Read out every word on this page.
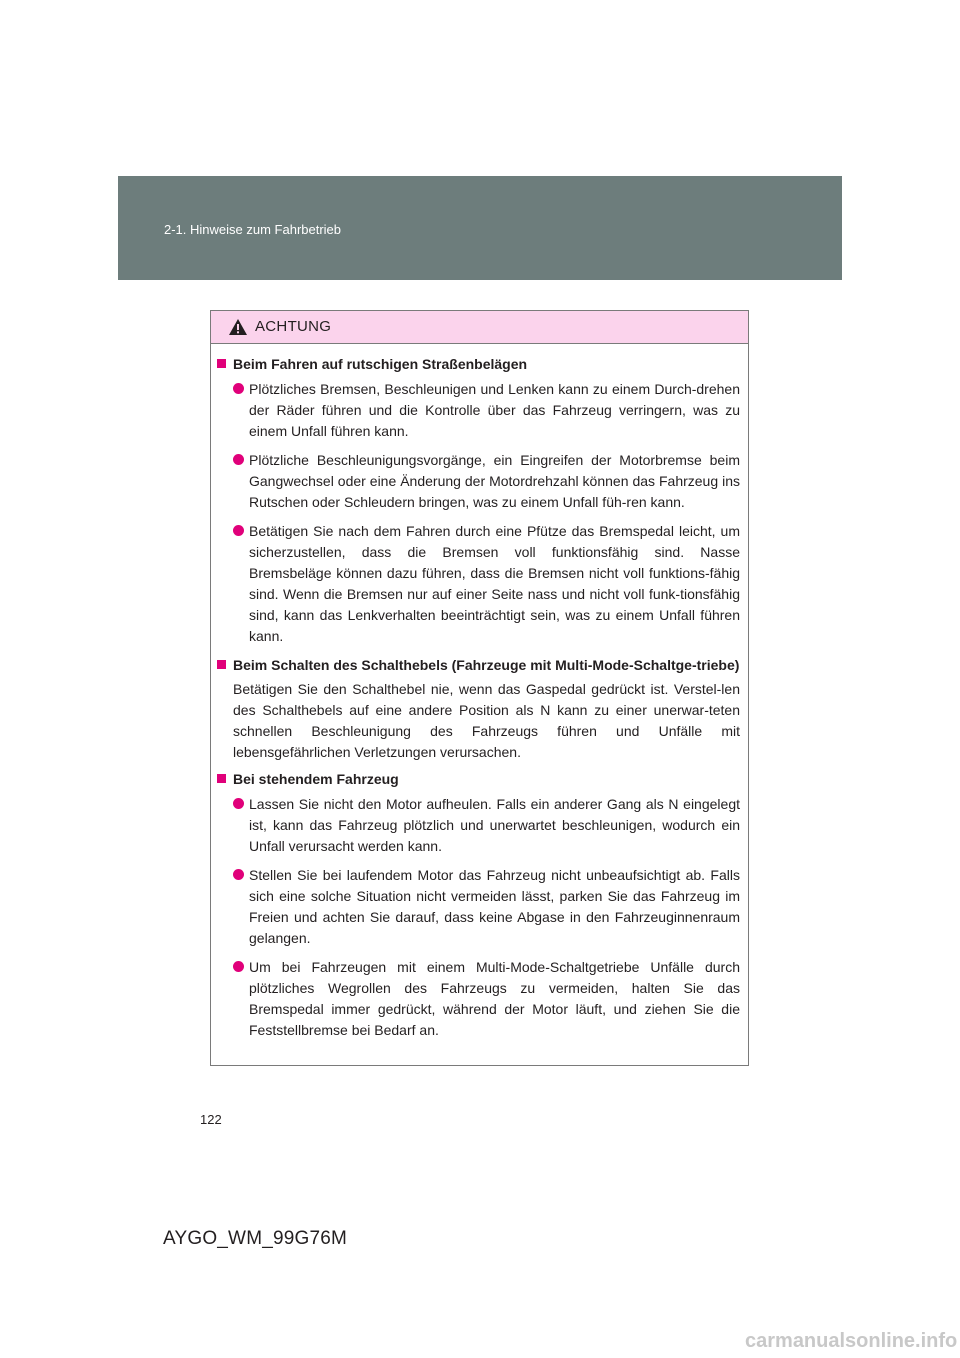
2-1. Hinweise zum Fahrbetrieb
ACHTUNG
Beim Fahren auf rutschigen Straßenbelägen
Plötzliches Bremsen, Beschleunigen und Lenken kann zu einem Durch-drehen der Räder führen und die Kontrolle über das Fahrzeug verringern, was zu einem Unfall führen kann.
Plötzliche Beschleunigungsvorgänge, ein Eingreifen der Motorbremse beim Gangwechsel oder eine Änderung der Motordrehzahl können das Fahrzeug ins Rutschen oder Schleudern bringen, was zu einem Unfall füh-ren kann.
Betätigen Sie nach dem Fahren durch eine Pfütze das Bremspedal leicht, um sicherzustellen, dass die Bremsen voll funktionsfähig sind. Nasse Bremsbeläge können dazu führen, dass die Bremsen nicht voll funktions-fähig sind. Wenn die Bremsen nur auf einer Seite nass und nicht voll funk-tionsfähig sind, kann das Lenkverhalten beeinträchtigt sein, was zu einem Unfall führen kann.
Beim Schalten des Schalthebels (Fahrzeuge mit Multi-Mode-Schaltge-triebe)
Betätigen Sie den Schalthebel nie, wenn das Gaspedal gedrückt ist. Verstel-len des Schalthebels auf eine andere Position als N kann zu einer unerwar-teten schnellen Beschleunigung des Fahrzeugs führen und Unfälle mit lebensgefährlichen Verletzungen verursachen.
Bei stehendem Fahrzeug
Lassen Sie nicht den Motor aufheulen. Falls ein anderer Gang als N eingelegt ist, kann das Fahrzeug plötzlich und unerwartet beschleunigen, wodurch ein Unfall verursacht werden kann.
Stellen Sie bei laufendem Motor das Fahrzeug nicht unbeaufsichtigt ab. Falls sich eine solche Situation nicht vermeiden lässt, parken Sie das Fahrzeug im Freien und achten Sie darauf, dass keine Abgase in den Fahrzeuginnenraum gelangen.
Um bei Fahrzeugen mit einem Multi-Mode-Schaltgetriebe Unfälle durch plötzliches Wegrollen des Fahrzeugs zu vermeiden, halten Sie das Bremspedal immer gedrückt, während der Motor läuft, und ziehen Sie die Feststellbremse bei Bedarf an.
122
AYGO_WM_99G76M
carmanualsonline.info
